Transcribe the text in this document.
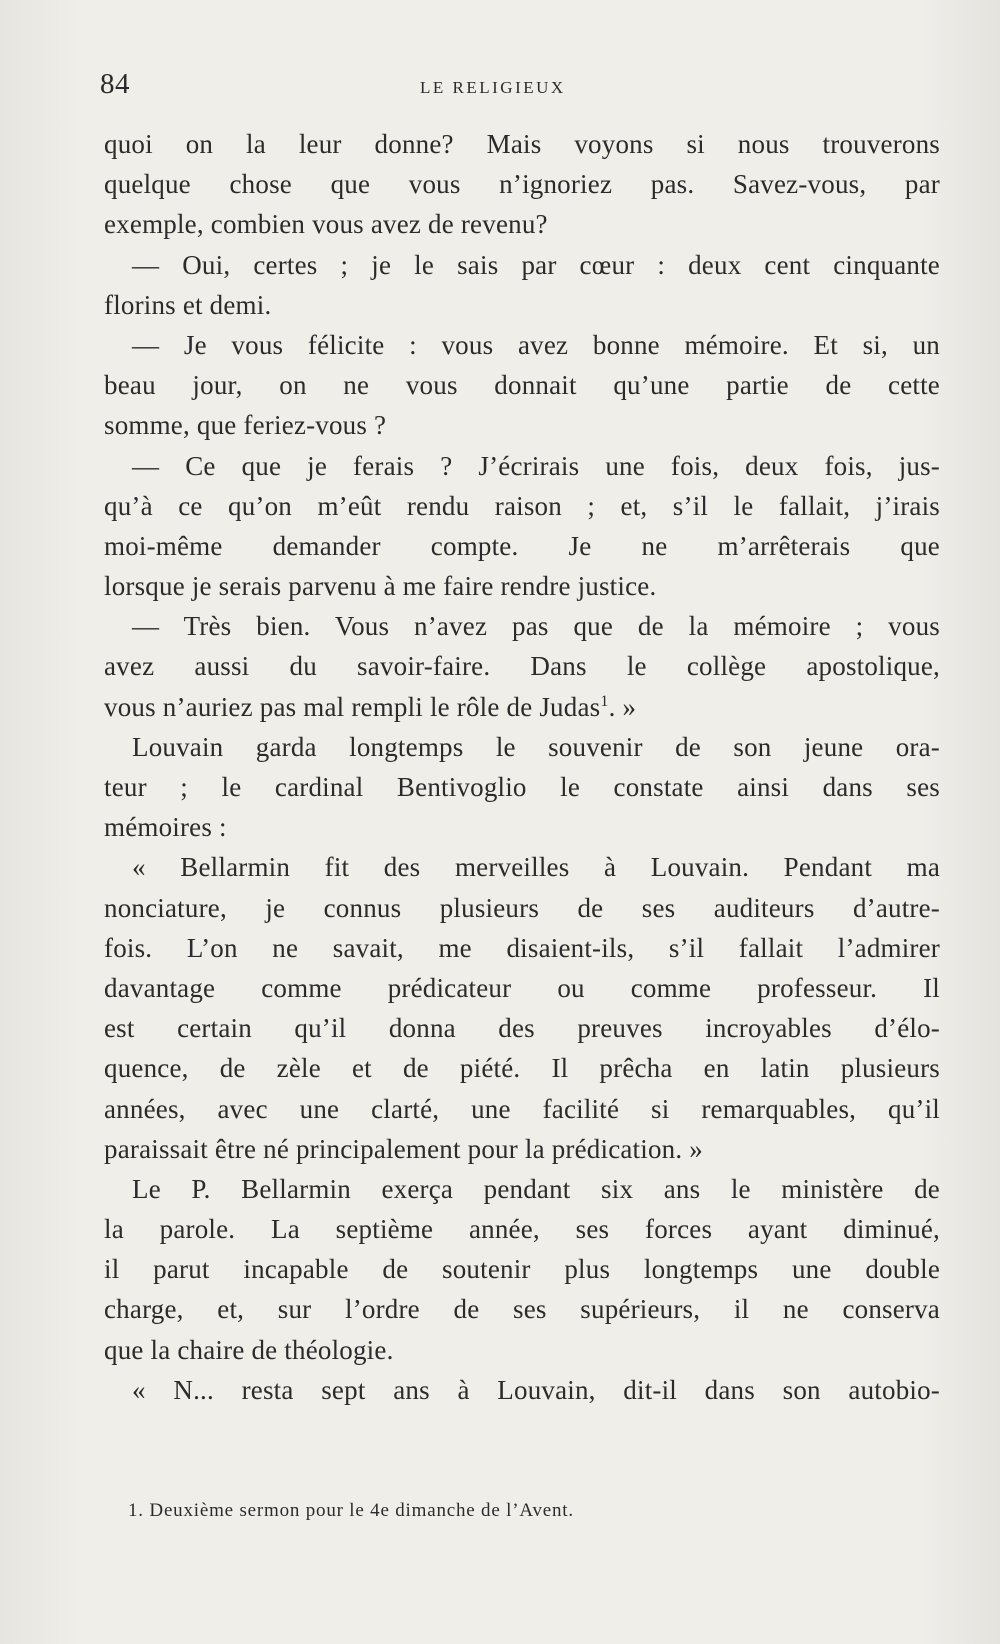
84	LE RELIGIEUX
quoi on la leur donne? Mais voyons si nous trouverons
quelque chose que vous n’ignoriez pas. Savez-vous, par
exemple, combien vous avez de revenu?
— Oui, certes ; je le sais par cœur : deux cent cinquante
florins et demi.
— Je vous félicite : vous avez bonne mémoire. Et si, un
beau jour, on ne vous donnait qu’une partie de cette
somme, que feriez-vous ?
— Ce que je ferais ? J’écrirais une fois, deux fois, jus-
qu’à ce qu’on m’eût rendu raison ; et, s’il le fallait, j’irais
moi-même demander compte. Je ne m’arrêterais que
lorsque je serais parvenu à me faire rendre justice.
— Très bien. Vous n’avez pas que de la mémoire ; vous
avez aussi du savoir-faire. Dans le collège apostolique,
vous n’auriez pas mal rempli le rôle de Judas$^1$. »
Louvain garda longtemps le souvenir de son jeune ora-
teur ; le cardinal Bentivoglio le constate ainsi dans ses
mémoires :
« Bellarmin fit des merveilles à Louvain. Pendant ma
nonciature, je connus plusieurs de ses auditeurs d’autre-
fois. L’on ne savait, me disaient-ils, s’il fallait l’admirer
davantage comme prédicateur ou comme professeur. Il
est certain qu’il donna des preuves incroyables d’élo-
quence, de zèle et de piété. Il prêcha en latin plusieurs
années, avec une clarté, une facilité si remarquables, qu’il
paraissait être né principalement pour la prédication. »
Le P. Bellarmin exerça pendant six ans le ministère de
la parole. La septième année, ses forces ayant diminué,
il parut incapable de soutenir plus longtemps une double
charge, et, sur l’ordre de ses supérieurs, il ne conserva
que la chaire de théologie.
« N... resta sept ans à Louvain, dit-il dans son autobio-
1. Deuxième sermon pour le 4e dimanche de l’Avent.
